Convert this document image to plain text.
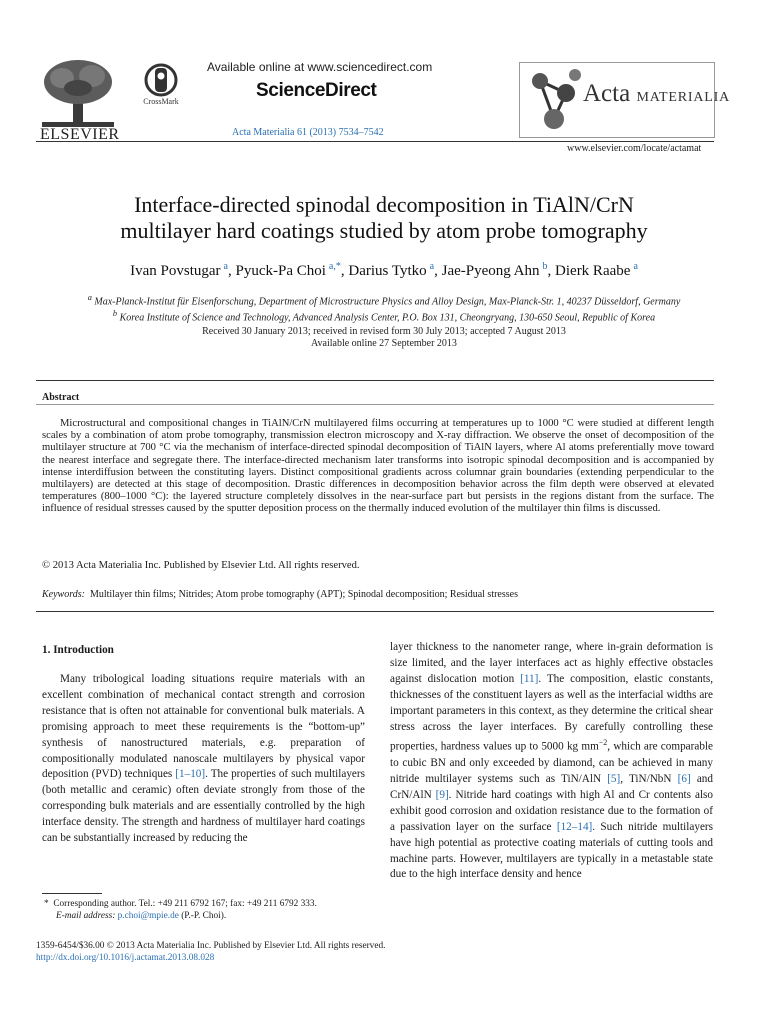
ELSEVIER
CrossMark
Available online at www.sciencedirect.com
ScienceDirect
Acta Materialia 61 (2013) 7534–7542
Acta MATERIALIA
www.elsevier.com/locate/actamat
Interface-directed spinodal decomposition in TiAlN/CrN
multilayer hard coatings studied by atom probe tomography
Ivan Povstugar  $^a$, Pyuck-Pa Choi  $^{a,*}$, Darius Tytko  $^a$, Jae-Pyeong Ahn  $^b$, Dierk Raabe  $^a$
$^a$ Max-Planck-Institut für Eisenforschung, Department of Microstructure Physics and Alloy Design, Max-Planck-Str. 1, 40237 Düsseldorf, Germany
$^b$ Korea Institute of Science and Technology, Advanced Analysis Center, P.O. Box 131, Cheongryang, 130-650 Seoul, Republic of Korea
Received 30 January 2013; received in revised form 30 July 2013; accepted 7 August 2013
Available online 27 September 2013
Abstract

Microstructural and compositional changes in TiAlN/CrN multilayered films occurring at temperatures up to 1000 °C were studied at different length scales by a combination of atom probe tomography, transmission electron microscopy and X-ray diffraction. We observe the onset of decomposition of the multilayer structure at 700 °C via the mechanism of interface-directed spinodal decomposition of TiAlN layers, where Al atoms preferentially move toward the nearest interface and segregate there. The interface-directed mechanism later transforms into isotropic spinodal decomposition and is accompanied by intense interdiffusion between the constituting layers. Distinct compositional gradients across columnar grain boundaries (extending perpendicular to the multilayers) are detected at this stage of decomposition. Drastic differences in decomposition behavior across the film depth were observed at elevated temperatures (800–1000 °C): the layered structure completely dissolves in the near-surface part but persists in the regions distant from the surface. The influence of residual stresses caused by the sputter deposition process on the thermally induced evolution of the multilayer thin films is discussed.

© 2013 Acta Materialia Inc. Published by Elsevier Ltd. All rights reserved.
Keywords: Multilayer thin films; Nitrides; Atom probe tomography (APT); Spinodal decomposition; Residual stresses
1. Introduction
Many tribological loading situations require materials with an excellent combination of mechanical contact strength and corrosion resistance that is often not attainable for conventional bulk materials. A promising approach to meet these requirements is the “bottom-up” synthesis of nanostructured materials, e.g. preparation of compositionally modulated nanoscale multilayers by physical vapor deposition (PVD) techniques [1–10]. The properties of such multilayers (both metallic and ceramic) often deviate strongly from those of the corresponding bulk materials and are essentially controlled by the high interface density. The strength and hardness of multilayer hard coatings can be substantially increased by reducing the
layer thickness to the nanometer range, where in-grain deformation is size limited, and the layer interfaces act as highly effective obstacles against dislocation motion [11]. The composition, elastic constants, thicknesses of the constituent layers as well as the interfacial widths are important parameters in this context, as they determine the critical shear stress across the layer interfaces. By carefully controlling these properties, hardness values up to 5000 kg $mm^{-2}$, which are comparable to cubic BN and only exceeded by diamond, can be achieved in many nitride multilayer systems such as TiN/AlN [5], TiN/NbN [6] and CrN/AlN [9]. Nitride hard coatings with high Al and Cr contents also exhibit good corrosion and oxidation resistance due to the formation of a passivation layer on the surface [12–14]. Such nitride multilayers have high potential as protective coating materials of cutting tools and machine parts. However, multilayers are typically in a metastable state due to the high interface density and hence
* Corresponding author. Tel.: +49 211 6792 167; fax: +49 211 6792 333.
E-mail address: p.choi@mpie.de (P.-P. Choi).
1359-6454/$36.00 © 2013 Acta Materialia Inc. Published by Elsevier Ltd. All rights reserved.
http://dx.doi.org/10.1016/j.actamat.2013.08.028
